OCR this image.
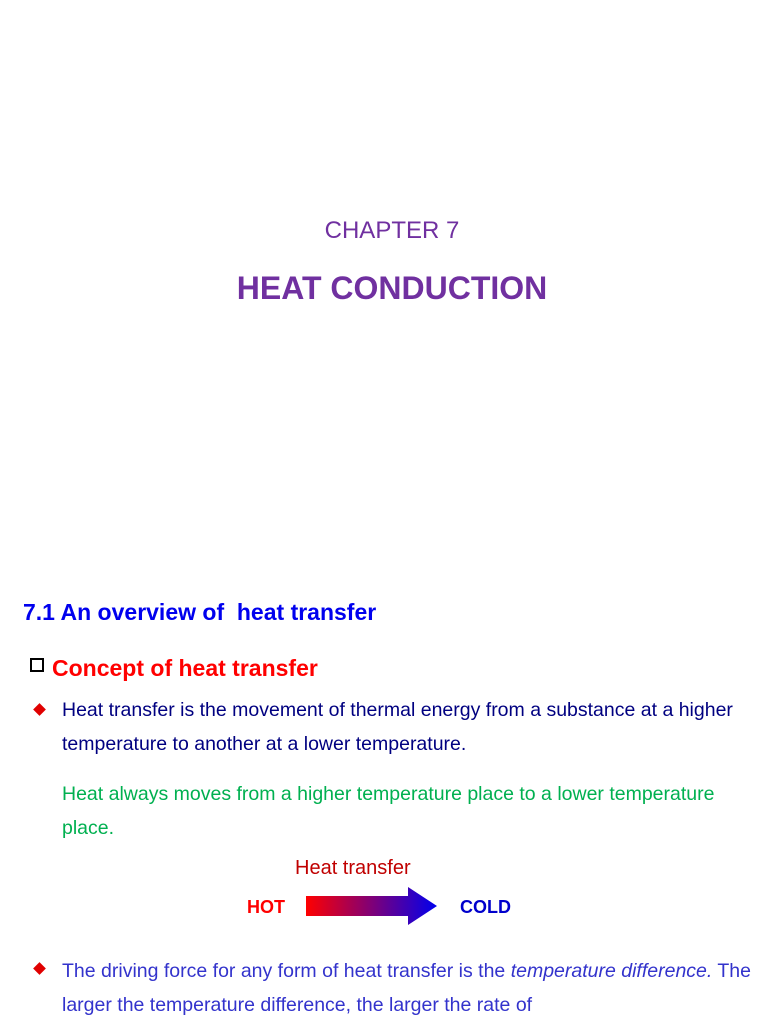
CHAPTER 7
HEAT CONDUCTION
7.1 An overview of  heat transfer
Concept of heat transfer
Heat transfer is the movement of thermal energy from a substance at a higher temperature to another at a lower temperature.
Heat always moves from a higher temperature place to a lower temperature place.
Heat transfer
HOT	COLD
The driving force for any form of heat transfer is the temperature difference. The larger the temperature difference, the larger the rate of
